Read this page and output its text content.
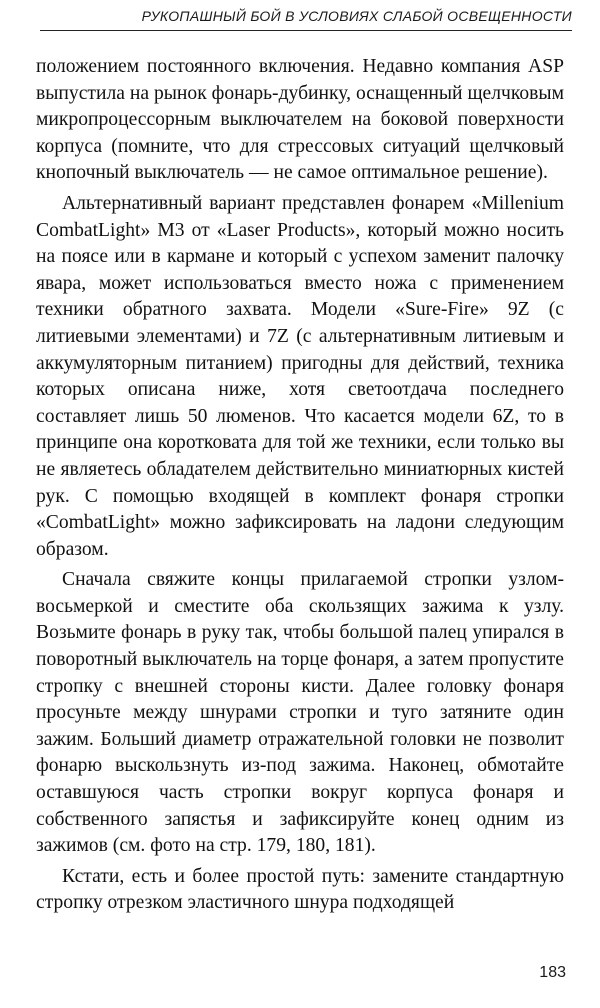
РУКОПАШНЫЙ БОЙ В УСЛОВИЯХ СЛАБОЙ ОСВЕЩЕННОСТИ

положением постоянного включения. Недавно компания ASP выпустила на рынок фонарь-дубинку, оснащенный щелчковым микропроцессорным выключателем на боковой поверхности корпуса (помните, что для стрессовых ситуаций щелчковый кнопочный выключатель — не самое оптимальное решение).

Альтернативный вариант представлен фонарем «Millenium CombatLight» М3 от «Laser Products», который можно носить на поясе или в кармане и который с успехом заменит палочку явара, может использоваться вместо ножа с применением техники обратного захвата. Модели «Sure-Fire» 9Z (с литиевыми элементами) и 7Z (с альтернативным литиевым и аккумуляторным питанием) пригодны для действий, техника которых описана ниже, хотя светоотдача последнего составляет лишь 50 люменов. Что касается модели 6Z, то в принципе она коротковата для той же техники, если только вы не являетесь обладателем действительно миниатюрных кистей рук. С помощью входящей в комплект фонаря стропки «CombatLight» можно зафиксировать на ладони следующим образом.

Сначала свяжите концы прилагаемой стропки узлом-восьмеркой и сместите оба скользящих зажима к узлу. Возьмите фонарь в руку так, чтобы большой палец упирался в поворотный выключатель на торце фонаря, а затем пропустите стропку с внешней стороны кисти. Далее головку фонаря просуньте между шнурами стропки и туго затяните один зажим. Больший диаметр отражательной головки не позволит фонарю выскользнуть из-под зажима. Наконец, обмотайте оставшуюся часть стропки вокруг корпуса фонаря и собственного запястья и зафиксируйте конец одним из зажимов (см. фото на стр. 179, 180, 181).

Кстати, есть и более простой путь: замените стандартную стропку отрезком эластичного шнура подходящей

183
